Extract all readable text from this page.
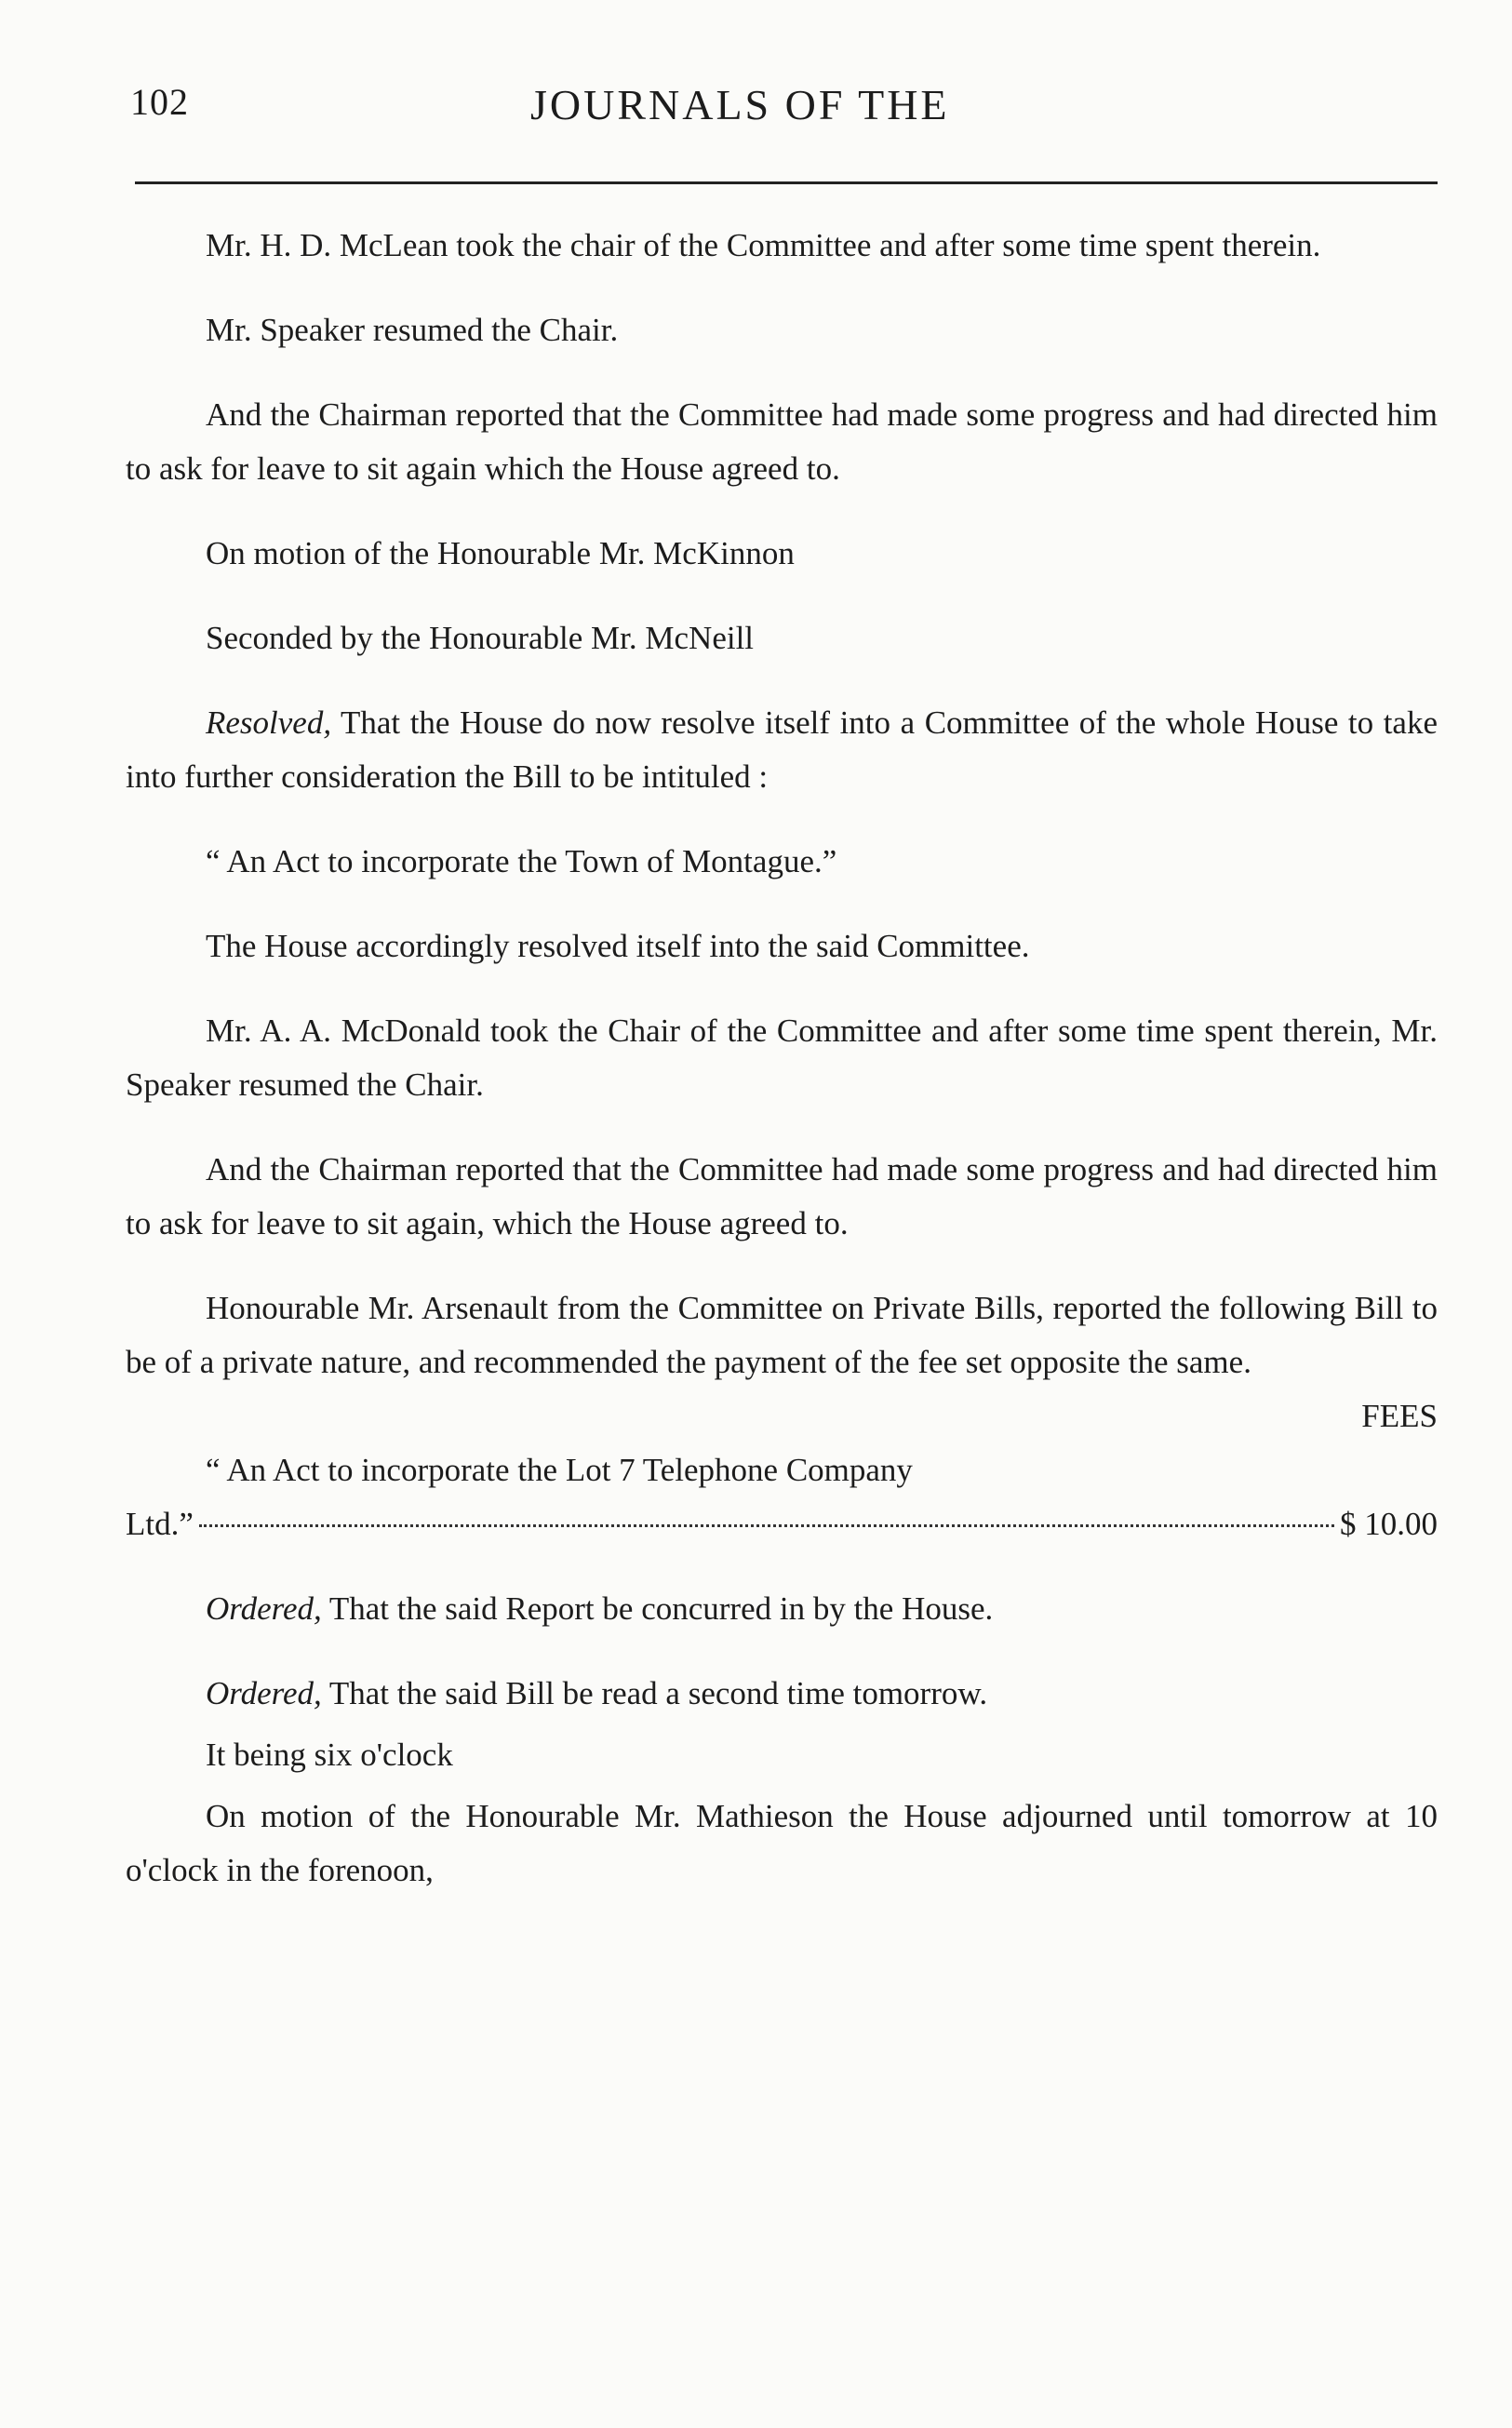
102	JOURNALS OF THE

Mr. H. D. McLean took the chair of the Committee and after some time spent therein.

Mr. Speaker resumed the Chair.

And the Chairman reported that the Committee had made some progress and had directed him to ask for leave to sit again which the House agreed to.

On motion of the Honourable Mr. McKinnon

Seconded by the Honourable Mr. McNeill

Resolved, That the House do now resolve itself into a Committee of the whole House to take into further consideration the Bill to be intituled :

“ An Act to incorporate the Town of Montague.”

The House accordingly resolved itself into the said Committee.

Mr. A. A. McDonald took the Chair of the Committee and after some time spent therein, Mr. Speaker resumed the Chair.

And the Chairman reported that the Committee had made some progress and had directed him to ask for leave to sit again, which the House agreed to.

Honourable Mr. Arsenault from the Committee on Private Bills, reported the following Bill to be of a private nature, and recommended the payment of the fee set opposite the same.

FEES

“ An Act to incorporate the Lot 7 Telephone Company

Ltd.”	$ 10.00

Ordered, That the said Report be concurred in by the House.

Ordered, That the said Bill be read a second time tomorrow.

It being six o'clock

On motion of the Honourable Mr. Mathieson the House adjourned until tomorrow at 10 o'clock in the forenoon,
